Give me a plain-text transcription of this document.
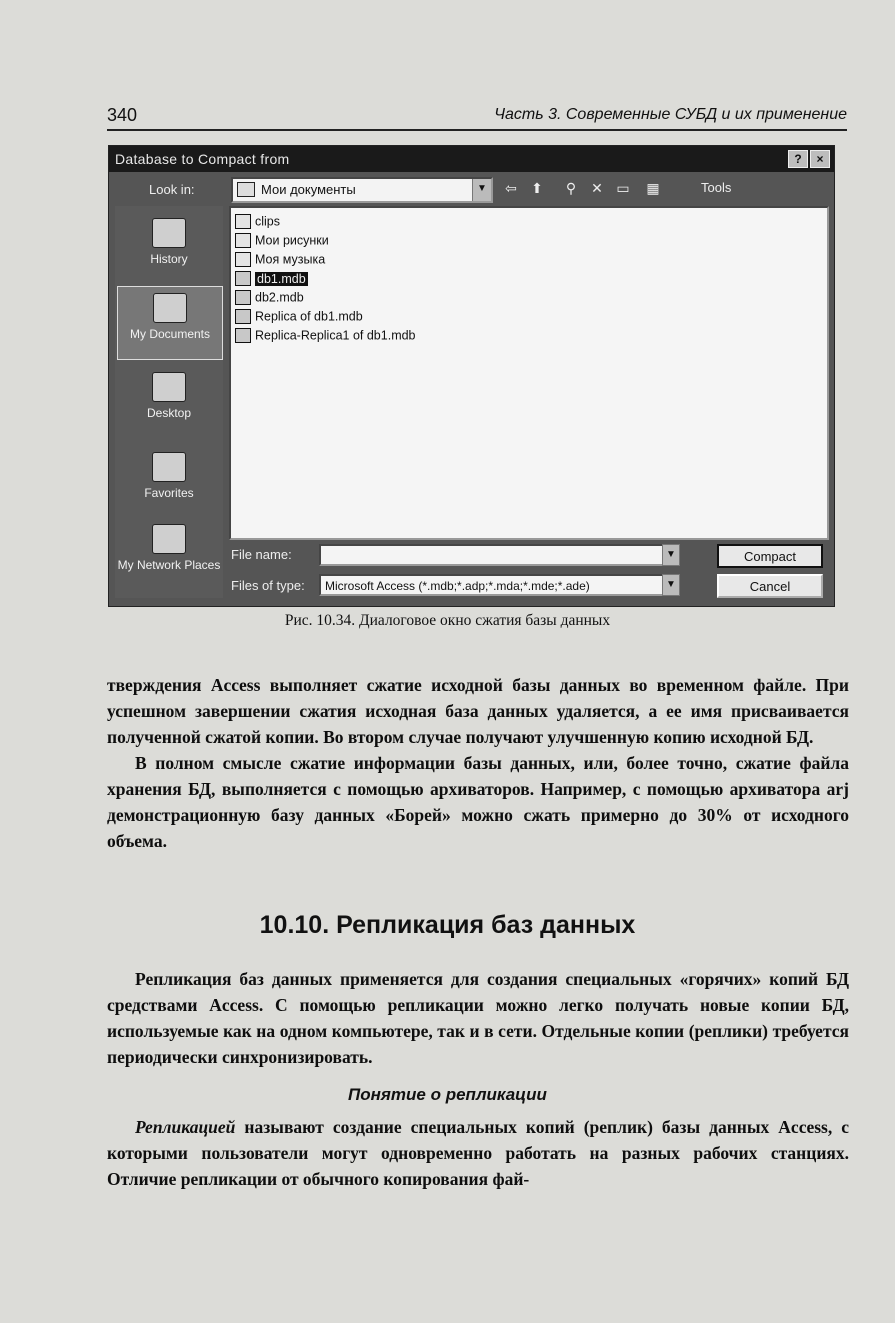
340	Часть 3. Современные СУБД и их применение
Database to Compact from	?	×
Look in:	Мои документы	▼ ⇦ ⬆	⚲	✕ ▭ ▦	Tools
History
My Documents
Desktop
Favorites
My Network Places
clips
Мои рисунки
Моя музыка
db1.mdb
db2.mdb
Replica of db1.mdb
Replica-Replica1 of db1.mdb
File name:	▼
Files of type:	Microsoft Access (*.mdb;*.adp;*.mda;*.mde;*.ade)	▼
Compact
Cancel
Рис. 10.34. Диалоговое окно сжатия базы данных

тверждения Access выполняет сжатие исходной базы данных во временном файле. При успешном завершении сжатия исходная база данных удаляется, а ее имя присваивается полученной сжатой копии. Во втором случае получают улучшенную копию исходной БД.

В полном смысле сжатие информации базы данных, или, более точно, сжатие файла хранения БД, выполняется с помощью архиваторов. Например, с помощью архиватора arj демонстрационную базу данных «Борей» можно сжать примерно до 30% от исходного объема.

10.10. Репликация баз данных

Репликация баз данных применяется для создания специальных «горячих» копий БД средствами Access. С помощью репликации можно легко получать новые копии БД, используемые как на одном компьютере, так и в сети. Отдельные копии (реплики) требуется периодически синхронизировать.

Понятие о репликации

Репликацией называют создание специальных копий (реплик) базы данных Access, с которыми пользователи могут одновременно работать на разных рабочих станциях. Отличие репликации от обычного копирования фай-
